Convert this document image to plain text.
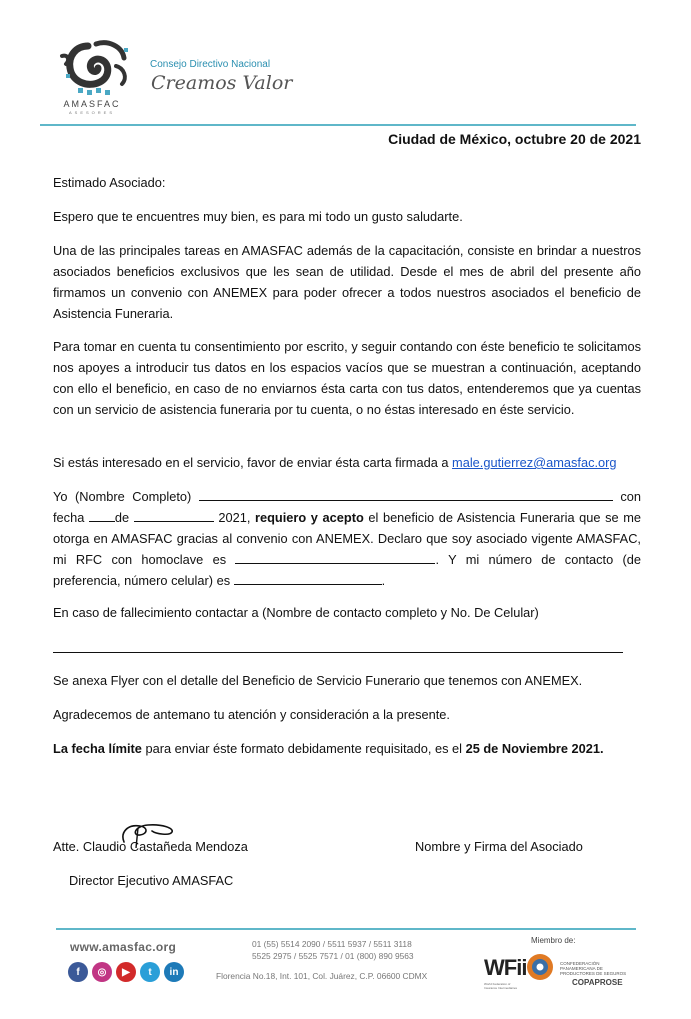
AMASFAC
ASESORES
Consejo Directivo Nacional
Creamos Valor
Ciudad de México, octubre 20 de 2021

Estimado Asociado:

Espero que te encuentres muy bien, es para mi todo un gusto saludarte.

Una de las principales tareas en AMASFAC además de la capacitación, consiste en brindar a nuestros asociados beneficios exclusivos que les sean de utilidad. Desde el mes de abril del presente año firmamos un convenio con ANEMEX para poder ofrecer a todos nuestros asociados el beneficio de Asistencia Funeraria.

Para tomar en cuenta tu consentimiento por escrito, y seguir contando con éste beneficio te solicitamos nos apoyes a introducir tus datos en los espacios vacíos que se muestran a continuación, aceptando con ello el beneficio, en caso de no enviarnos ésta carta con tus datos, entenderemos que ya cuentas con un servicio de asistencia funeraria por tu cuenta, o no éstas interesado en éste servicio.

Si estás interesado en el servicio, favor de enviar ésta carta firmada a male.gutierrez@amasfac.org

Yo (Nombre Completo)	con fecha de	2021, requiero y acepto el beneficio de Asistencia Funeraria que se me otorga en AMASFAC gracias al convenio con ANEMEX. Declaro que soy asociado vigente AMASFAC, mi RFC con homoclave es	. Y mi número de contacto (de preferencia, número celular) es	.

En caso de fallecimiento contactar a (Nombre de contacto completo y No. De Celular)

Se anexa Flyer con el detalle del Beneficio de Servicio Funerario que tenemos con ANEMEX.

Agradecemos de antemano tu atención y consideración a la presente.

La fecha límite para enviar éste formato debidamente requisitado, es el 25 de Noviembre 2021.

Atte. Claudio Castañeda Mendoza
Director Ejecutivo AMASFAC
Nombre y Firma del Asociado
www.amasfac.org
f	◎	▶	t	in
01 (55) 5514 2090 / 5511 5937 / 5511 3118
5525 2975 / 5525 7571 / 01 (800) 890 9563
Florencia No.18, Int. 101, Col. Juárez, C.P. 06600 CDMX
Miembro de:
WFii
World Federation of Insurance Intermediaries
CONFEDERACIÓN PANAMERICANA DE PRODUCTORES DE SEGUROS
COPAPROSE
